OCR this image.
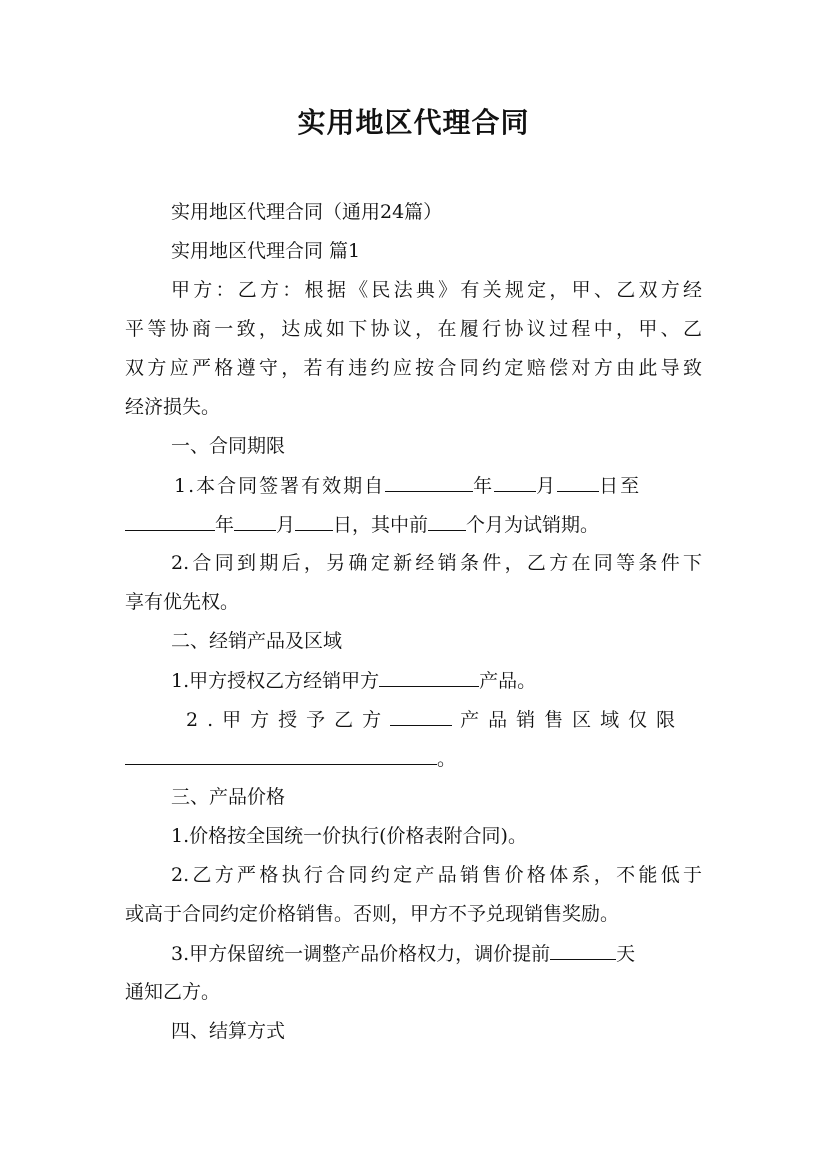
实用地区代理合同
实用地区代理合同（通用24篇）
实用地区代理合同 篇1
甲方：乙方：根据《民法典》有关规定，甲、乙双方经
平等协商一致，达成如下协议，在履行协议过程中，甲、乙
双方应严格遵守，若有违约应按合同约定赔偿对方由此导致
经济损失。
一、合同期限
1.本合同签署有效期自	年 月 日至
年 月 日，其中前 个月为试销期。
2.合同到期后，另确定新经销条件，乙方在同等条件下
享有优先权。
二、经销产品及区域
1.甲方授权乙方经销甲方	产品。
2.甲方授予乙方	产品销售区域仅限
。
三、产品价格
1.价格按全国统一价执行(价格表附合同)。
2.乙方严格执行合同约定产品销售价格体系，不能低于
或高于合同约定价格销售。否则，甲方不予兑现销售奖励。
3.甲方保留统一调整产品价格权力，调价提前	天
通知乙方。
四、结算方式
